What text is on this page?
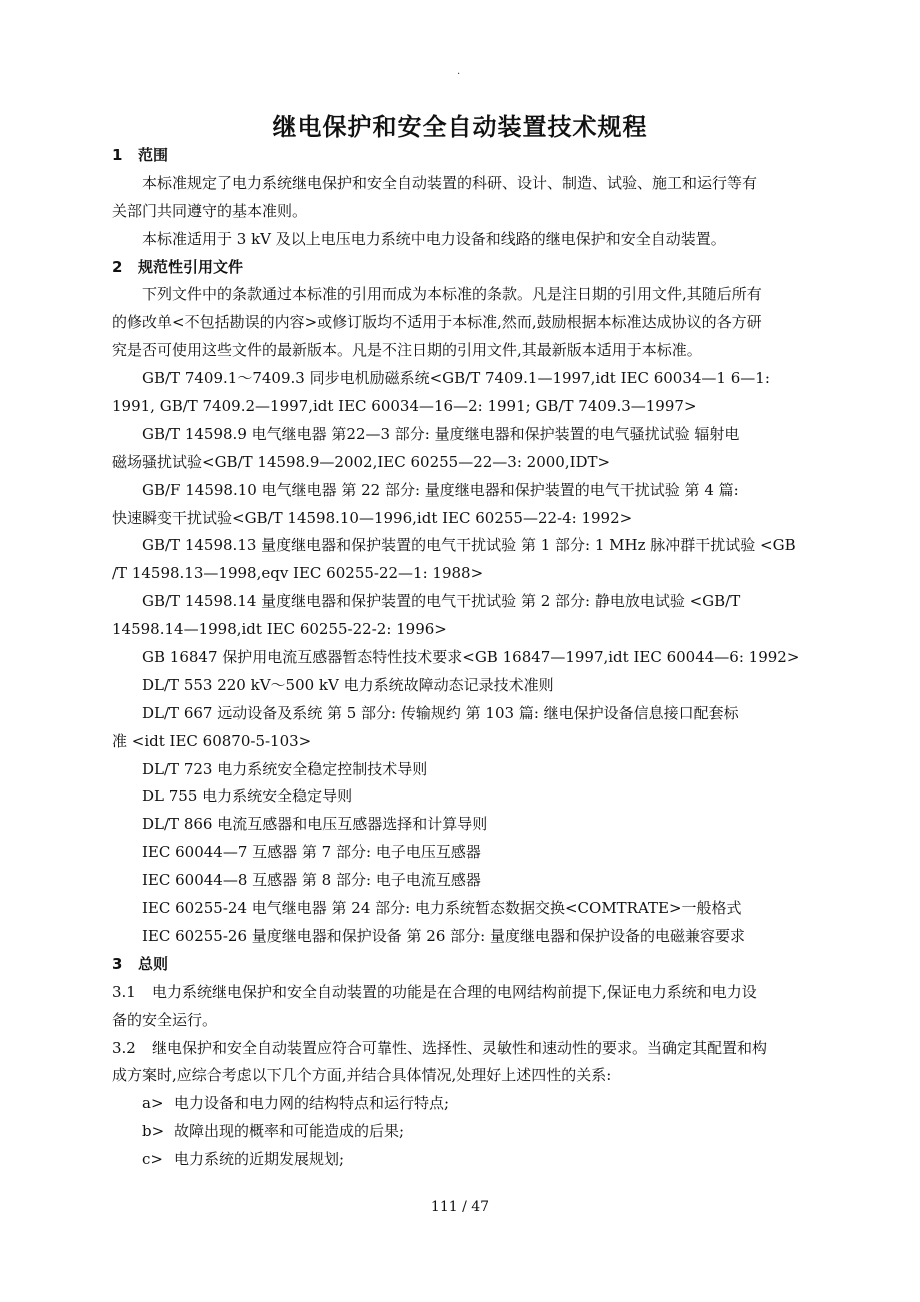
.
继电保护和安全自动装置技术规程
1 范围
本标准规定了电力系统继电保护和安全自动装置的科研、设计、制造、试验、施工和运行等有
关部门共同遵守的基本准则。
本标准适用于 3 kV 及以上电压电力系统中电力设备和线路的继电保护和安全自动装置。
2 规范性引用文件
下列文件中的条款通过本标准的引用而成为本标准的条款。凡是注日期的引用文件,其随后所有
的修改单<不包括勘误的内容>或修订版均不适用于本标准,然而,鼓励根据本标准达成协议的各方研
究是否可使用这些文件的最新版本。凡是不注日期的引用文件,其最新版本适用于本标准。
GB/T 7409.1～7409.3 同步电机励磁系统<GB/T 7409.1—1997,idt IEC 60034—1 6—1:
1991, GB/T 7409.2—1997,idt IEC 60034—16—2: 1991; GB/T 7409.3—1997>
GB/T 14598.9 电气继电器 第22—3 部分: 量度继电器和保护装置的电气骚扰试验 辐射电
磁场骚扰试验<GB/T 14598.9—2002,IEC 60255—22—3: 2000,IDT>
GB/F 14598.10 电气继电器 第 22 部分: 量度继电器和保护装置的电气干扰试验 第 4 篇:
快速瞬变干扰试验<GB/T 14598.10—1996,idt IEC 60255—22-4: 1992>
GB/T 14598.13 量度继电器和保护装置的电气干扰试验 第 1 部分: 1 MHz 脉冲群干扰试验 <GB
/T 14598.13—1998,eqv IEC 60255-22—1: 1988>
GB/T 14598.14 量度继电器和保护装置的电气干扰试验 第 2 部分: 静电放电试验 <GB/T
14598.14—1998,idt IEC 60255-22-2: 1996>
GB 16847 保护用电流互感器暂态特性技术要求<GB 16847—1997,idt IEC 60044—6: 1992>
DL/T 553 220 kV～500 kV 电力系统故障动态记录技术准则
DL/T 667 远动设备及系统 第 5 部分: 传输规约 第 103 篇: 继电保护设备信息接口配套标
准 <idt IEC 60870-5-103>
DL/T 723 电力系统安全稳定控制技术导则
DL 755 电力系统安全稳定导则
DL/T 866 电流互感器和电压互感器选择和计算导则
IEC 60044—7 互感器 第 7 部分: 电子电压互感器
IEC 60044—8 互感器 第 8 部分: 电子电流互感器
IEC 60255-24 电气继电器 第 24 部分: 电力系统暂态数据交换<COMTRATE>一般格式
IEC 60255-26 量度继电器和保护设备 第 26 部分: 量度继电器和保护设备的电磁兼容要求
3 总则
3.1 电力系统继电保护和安全自动装置的功能是在合理的电网结构前提下,保证电力系统和电力设
备的安全运行。
3.2 继电保护和安全自动装置应符合可靠性、选择性、灵敏性和速动性的要求。当确定其配置和构
成方案时,应综合考虑以下几个方面,并结合具体情况,处理好上述四性的关系:
a> 电力设备和电力网的结构特点和运行特点;
b> 故障出现的概率和可能造成的后果;
c> 电力系统的近期发展规划;
111 / 47
